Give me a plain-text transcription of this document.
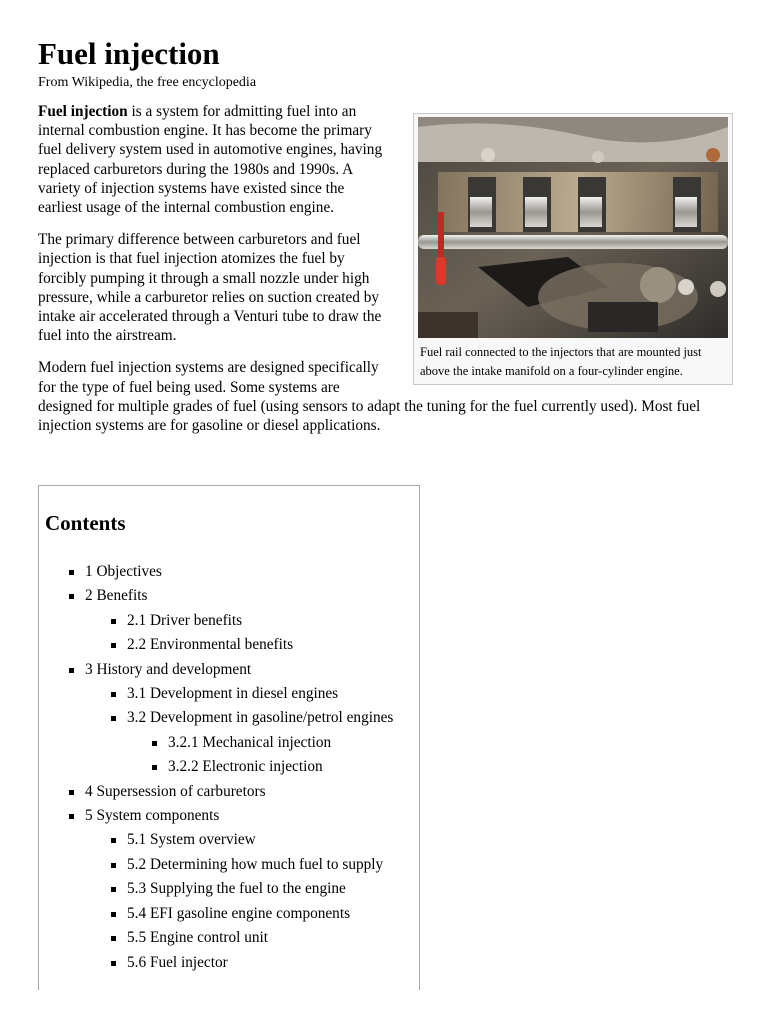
Fuel injection
From Wikipedia, the free encyclopedia
Fuel rail connected to the injectors that are mounted just above the intake manifold on a four-cylinder engine.

Fuel injection is a system for admitting fuel into an internal combustion engine. It has become the primary fuel delivery system used in automotive engines, having replaced carburetors during the 1980s and 1990s. A variety of injection systems have existed since the earliest usage of the internal combustion engine.

The primary difference between carburetors and fuel injection is that fuel injection atomizes the fuel by forcibly pumping it through a small nozzle under high pressure, while a carburetor relies on suction created by intake air accelerated through a Venturi tube to draw the fuel into the airstream.

Modern fuel injection systems are designed specifically for the type of fuel being used. Some systems are designed for multiple grades of fuel (using sensors to adapt the tuning for the fuel currently used). Most fuel injection systems are for gasoline or diesel applications.

Contents
1 Objectives
2 Benefits
2.1 Driver benefits
2.2 Environmental benefits
3 History and development
3.1 Development in diesel engines
3.2 Development in gasoline/petrol engines
3.2.1 Mechanical injection
3.2.2 Electronic injection
4 Supersession of carburetors
5 System components
5.1 System overview
5.2 Determining how much fuel to supply
5.3 Supplying the fuel to the engine
5.4 EFI gasoline engine components
5.5 Engine control unit
5.6 Fuel injector
